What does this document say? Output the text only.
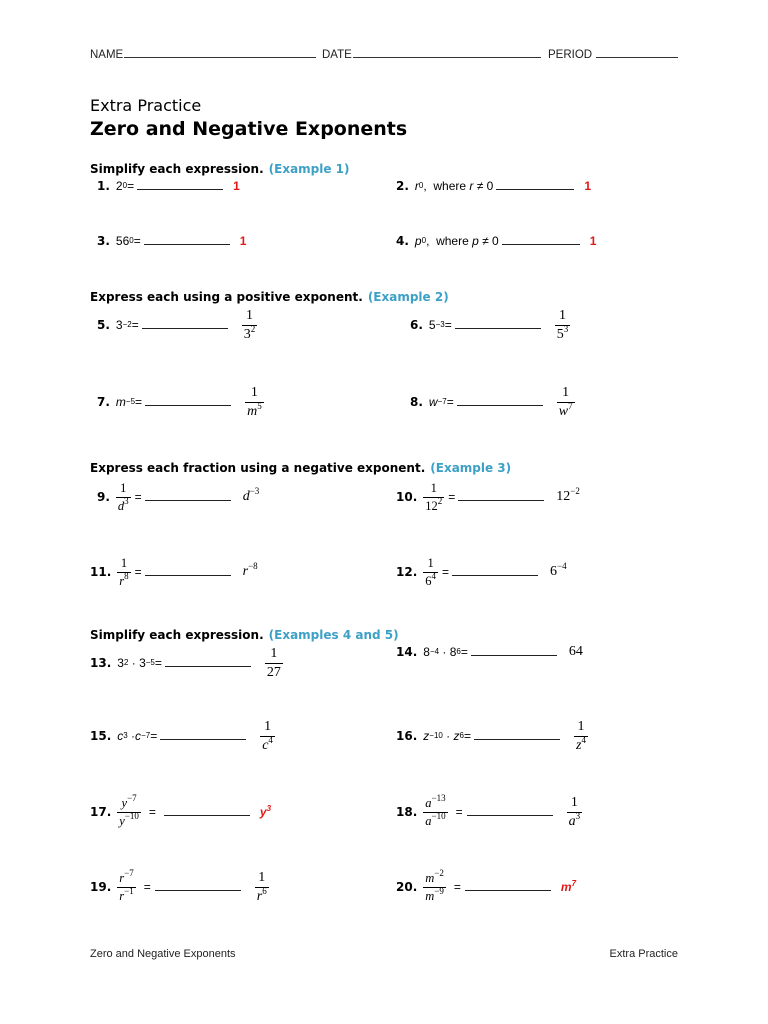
NAME	DATE	PERIOD
Extra Practice
Zero and Negative Exponents
Simplify each expression. (Example 1)
1. 2 0 =	1	2. r 0 ,  where r ≠ 0	1
3. 56 0 =	1	4. p 0 ,  where p ≠ 0	1
Express each using a positive exponent. (Example 2)
5. 3 −2 =	$\frac{1}{3^2}$	6. 5 −3 =	$\frac{1}{5^3}$
7. m −5 =	$\frac{1}{m^5}$	8. w −7 =	$\frac{1}{w^7}$
Express each fraction using a negative exponent. (Example 3)
9. $\frac{1}{d^3}$ =	$d^{-3}$	10. $\frac{1}{12^2}$ =	$12^{-2}$
11. $\frac{1}{r^8}$ =	$r^{-8}$	12. $\frac{1}{6^4}$ =	$6^{-4}$
Simplify each expression. (Examples 4 and 5)
13. 3 2 · 3 −5 =	$\frac{1}{27}$	14. 8 −4 · 8 6 =	64
15. c 3 ·c −7 =	$\frac{1}{c^4}$	16. z −10 · z 6 =	$\frac{1}{z^4}$
17. $\frac{y^{-7}}{y^{-10}}$ =	$y^3$	18. $\frac{a^{-13}}{a^{-10}}$ =	$\frac{1}{a^3}$
19. $\frac{r^{-7}}{r^{-1}}$ =	$\frac{1}{r^6}$	20. $\frac{m^{-2}}{m^{-9}}$ =	$m^7$
Zero and Negative Exponents	Extra Practice
